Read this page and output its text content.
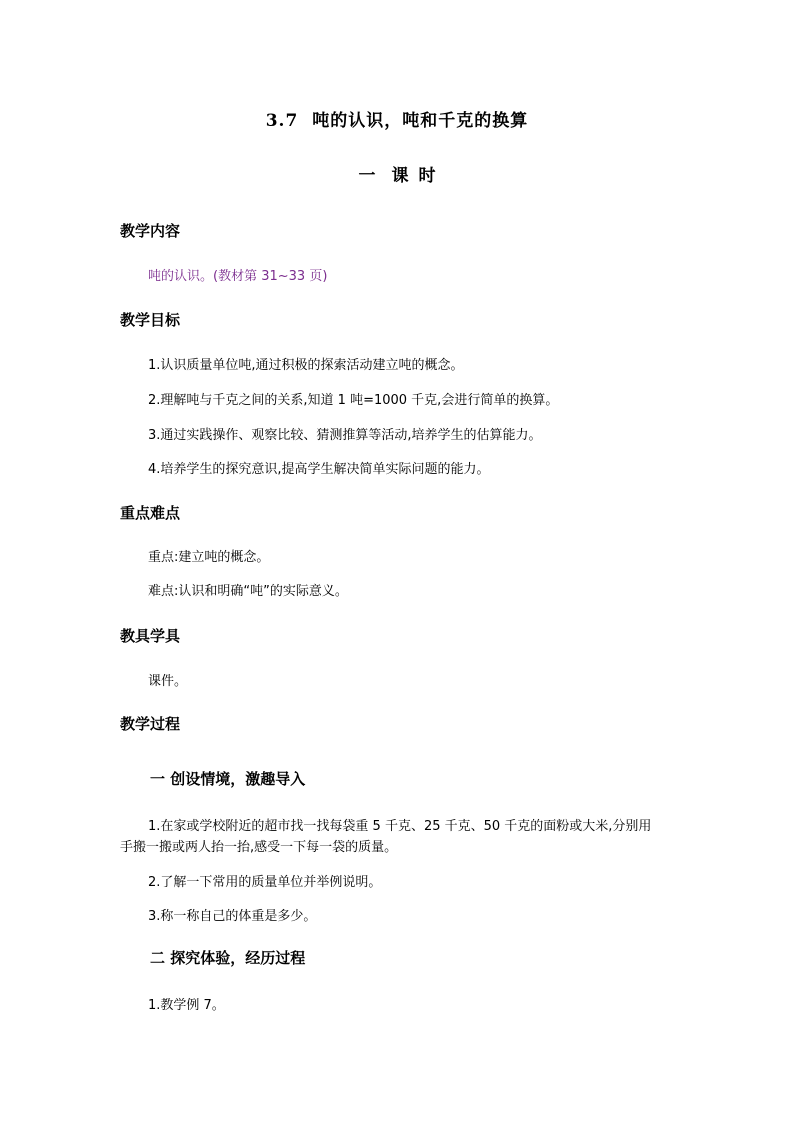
3.7 吨的认识，吨和千克的换算
一 课 时
教学内容
吨的认识。(教材第 31~33 页)
教学目标
1.认识质量单位吨,通过积极的探索活动建立吨的概念。
2.理解吨与千克之间的关系,知道 1 吨=1000 千克,会进行简单的换算。
3.通过实践操作、观察比较、猜测推算等活动,培养学生的估算能力。
4.培养学生的探究意识,提高学生解决简单实际问题的能力。
重点难点
重点:建立吨的概念。
难点:认识和明确“吨”的实际意义。
教具学具
课件。
教学过程
一 创设情境，激趣导入
1.在家或学校附近的超市找一找每袋重 5 千克、25 千克、50 千克的面粉或大米,分别用
手搬一搬或两人抬一抬,感受一下每一袋的质量。
2.了解一下常用的质量单位并举例说明。
3.称一称自己的体重是多少。
二 探究体验，经历过程
1.教学例 7。
